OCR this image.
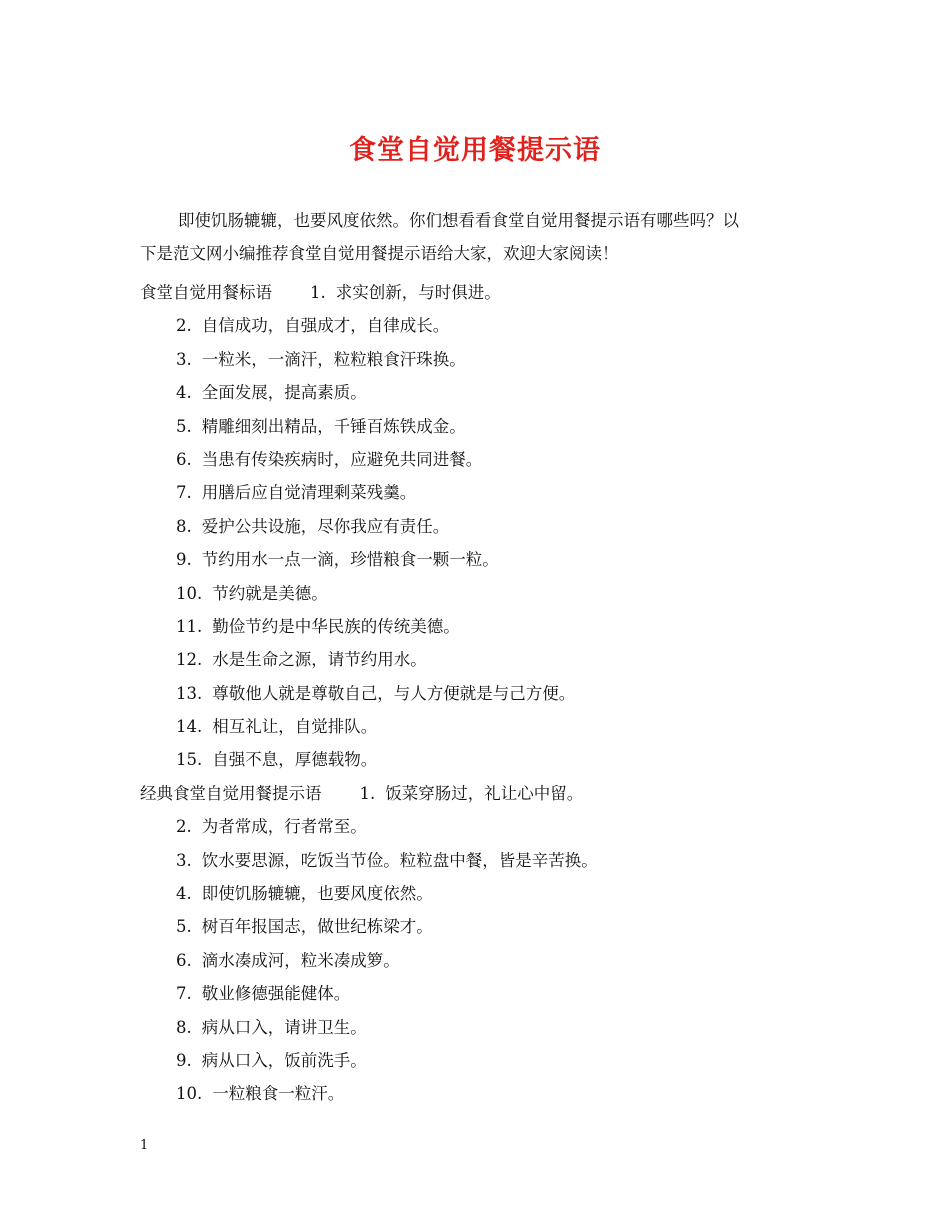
食堂自觉用餐提示语
即使饥肠辘辘，也要风度依然。你们想看看食堂自觉用餐提示语有哪些吗？以
下是范文网小编推荐食堂自觉用餐提示语给大家，欢迎大家阅读！
食堂自觉用餐标语 1. 求实创新，与时俱进。
2. 自信成功，自强成才，自律成长。
3. 一粒米，一滴汗，粒粒粮食汗珠换。
4. 全面发展，提高素质。
5. 精雕细刻出精品，千锤百炼铁成金。
6. 当患有传染疾病时，应避免共同进餐。
7. 用膳后应自觉清理剩菜残羹。
8. 爱护公共设施，尽你我应有责任。
9. 节约用水一点一滴，珍惜粮食一颗一粒。
10. 节约就是美德。
11. 勤俭节约是中华民族的传统美德。
12. 水是生命之源，请节约用水。
13. 尊敬他人就是尊敬自己，与人方便就是与己方便。
14. 相互礼让，自觉排队。
15. 自强不息，厚德载物。
经典食堂自觉用餐提示语 1. 饭菜穿肠过，礼让心中留。
2. 为者常成，行者常至。
3. 饮水要思源，吃饭当节俭。粒粒盘中餐，皆是辛苦换。
4. 即使饥肠辘辘，也要风度依然。
5. 树百年报国志，做世纪栋梁才。
6. 滴水凑成河，粒米凑成箩。
7. 敬业修德强能健体。
8. 病从口入，请讲卫生。
9. 病从口入，饭前洗手。
10. 一粒粮食一粒汗。
1
